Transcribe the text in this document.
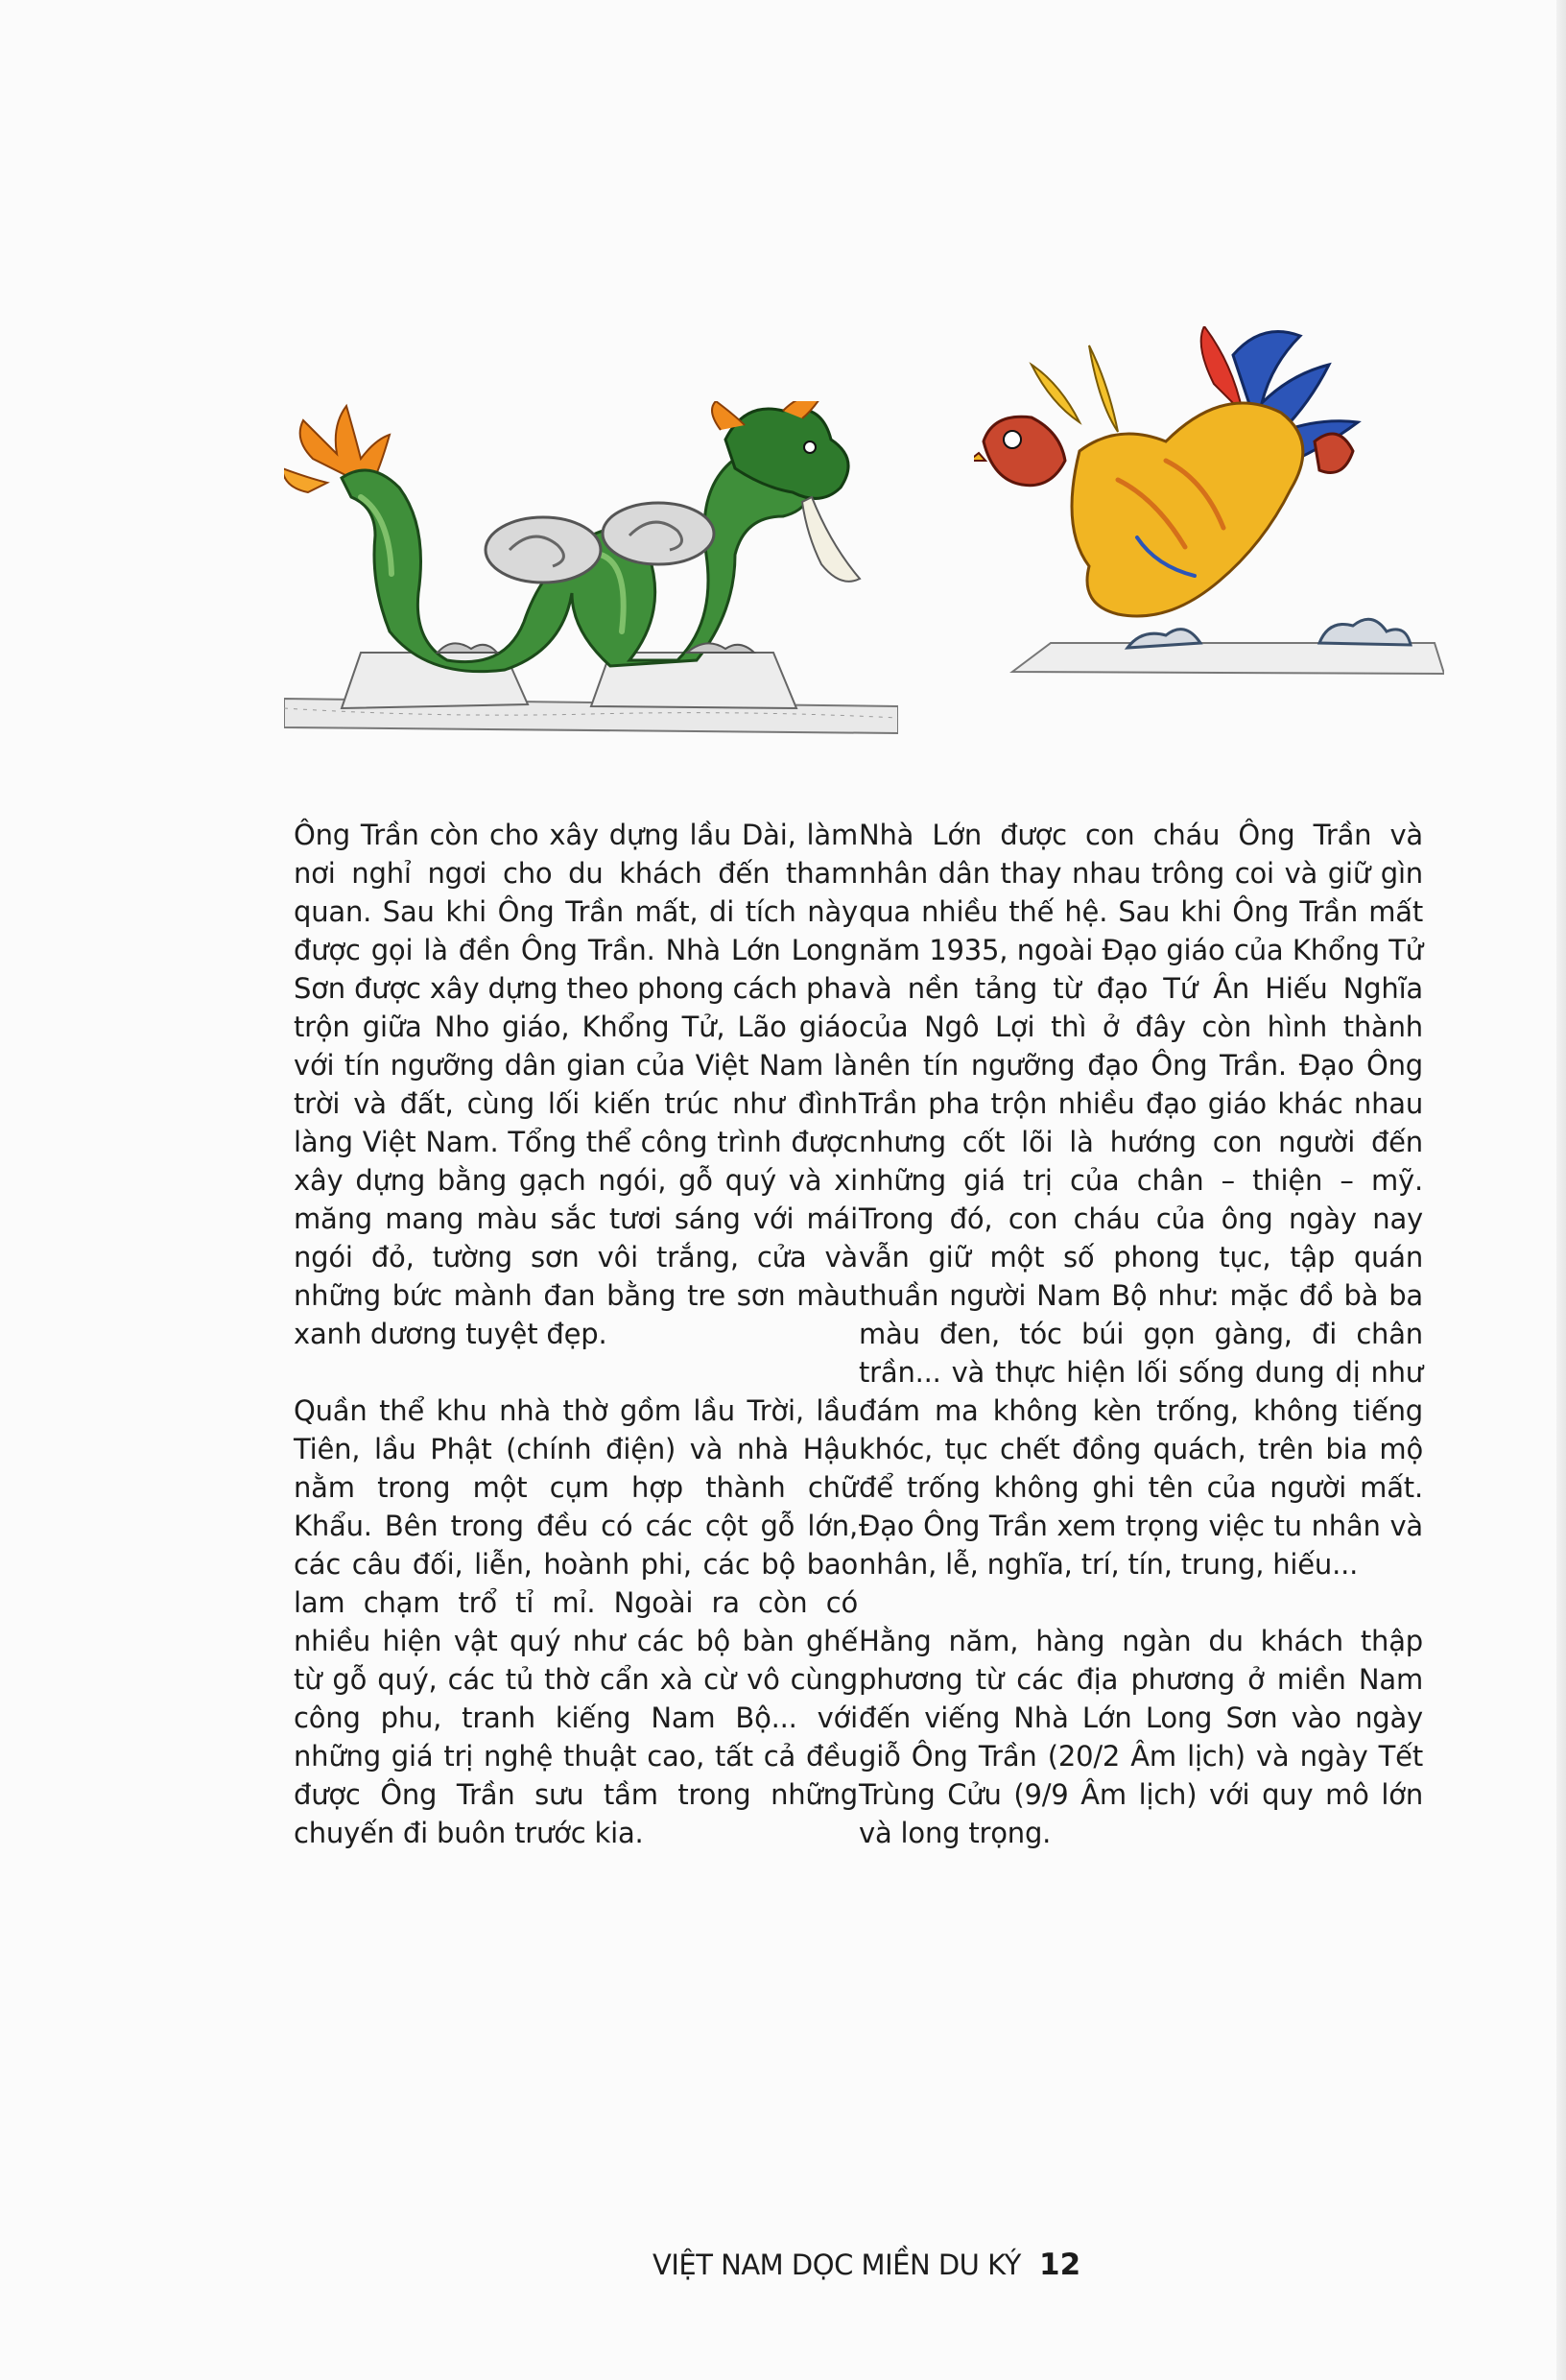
Ông Trần còn cho xây dựng lầu Dài, làm nơi nghỉ ngơi cho du khách đến tham quan. Sau khi Ông Trần mất, di tích này được gọi là đền Ông Trần. Nhà Lớn Long Sơn được xây dựng theo phong cách pha trộn giữa Nho giáo, Khổng Tử, Lão giáo với tín ngưỡng dân gian của Việt Nam là trời và đất, cùng lối kiến trúc như đình làng Việt Nam. Tổng thể công trình được xây dựng bằng gạch ngói, gỗ quý và xi măng mang màu sắc tươi sáng với mái ngói đỏ, tường sơn vôi trắng, cửa và những bức mành đan bằng tre sơn màu xanh dương tuyệt đẹp.

Quần thể khu nhà thờ gồm lầu Trời, lầu Tiên, lầu Phật (chính điện) và nhà Hậu nằm trong một cụm hợp thành chữ Khẩu. Bên trong đều có các cột gỗ lớn, các câu đối, liễn, hoành phi, các bộ bao lam chạm trổ tỉ mỉ. Ngoài ra còn có nhiều hiện vật quý như các bộ bàn ghế từ gỗ quý, các tủ thờ cẩn xà cừ vô cùng công phu, tranh kiếng Nam Bộ... với những giá trị nghệ thuật cao, tất cả đều được Ông Trần sưu tầm trong những chuyến đi buôn trước kia.

Nhà Lớn được con cháu Ông Trần và nhân dân thay nhau trông coi và giữ gìn qua nhiều thế hệ. Sau khi Ông Trần mất năm 1935, ngoài Đạo giáo của Khổng Tử và nền tảng từ đạo Tứ Ân Hiếu Nghĩa của Ngô Lợi thì ở đây còn hình thành nên tín ngưỡng đạo Ông Trần. Đạo Ông Trần pha trộn nhiều đạo giáo khác nhau nhưng cốt lõi là hướng con người đến những giá trị của chân – thiện – mỹ. Trong đó, con cháu của ông ngày nay vẫn giữ một số phong tục, tập quán thuần người Nam Bộ như: mặc đồ bà ba màu đen, tóc búi gọn gàng, đi chân trần... và thực hiện lối sống dung dị như đám ma không kèn trống, không tiếng khóc, tục chết đồng quách, trên bia mộ để trống không ghi tên của người mất. Đạo Ông Trần xem trọng việc tu nhân và nhân, lễ, nghĩa, trí, tín, trung, hiếu...

Hằng năm, hàng ngàn du khách thập phương từ các địa phương ở miền Nam đến viếng Nhà Lớn Long Sơn vào ngày giỗ Ông Trần (20/2 Âm lịch) và ngày Tết Trùng Cửu (9/9 Âm lịch) với quy mô lớn và long trọng.

VIỆT NAM DỌC MIỀN DU KÝ 12
